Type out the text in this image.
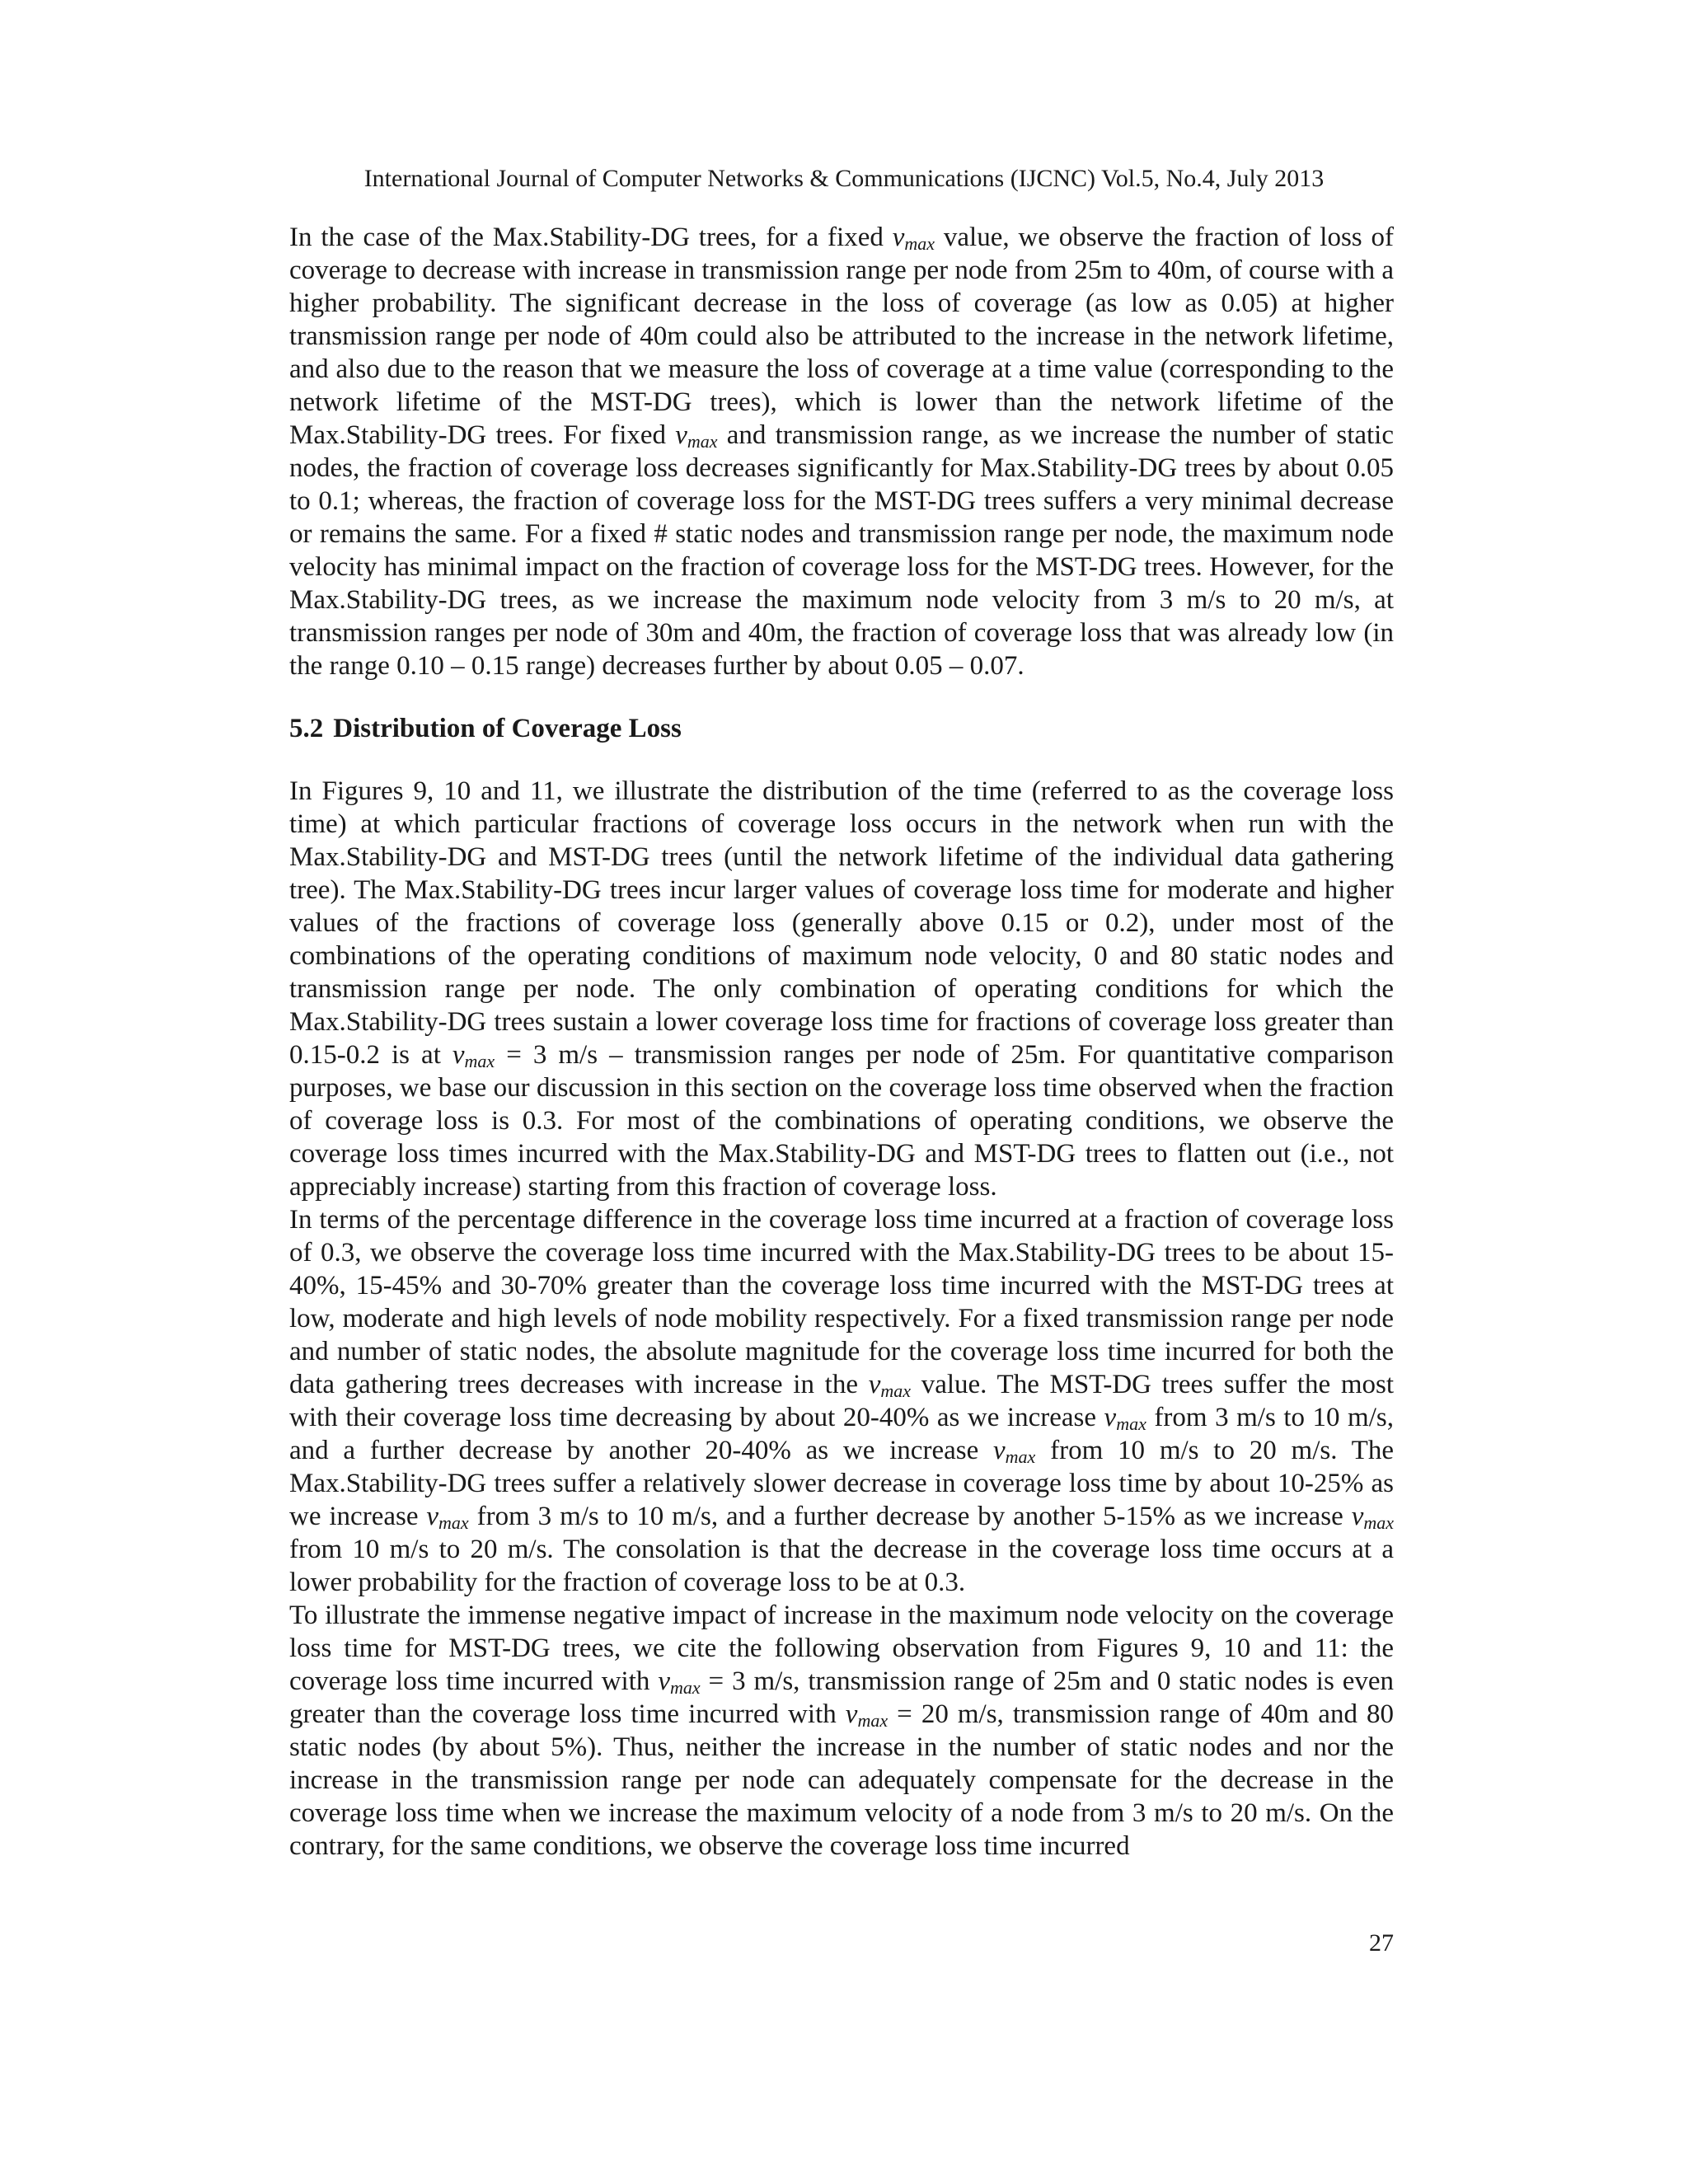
International Journal of Computer Networks & Communications (IJCNC) Vol.5, No.4, July 2013

In the case of the Max.Stability-DG trees, for a fixed $v_{max}$ value, we observe the fraction of loss of coverage to decrease with increase in transmission range per node from 25m to 40m, of course with a higher probability. The significant decrease in the loss of coverage (as low as 0.05) at higher transmission range per node of 40m could also be attributed to the increase in the network lifetime, and also due to the reason that we measure the loss of coverage at a time value (corresponding to the network lifetime of the MST-DG trees), which is lower than the network lifetime of the Max.Stability-DG trees. For fixed $v_{max}$ and transmission range, as we increase the number of static nodes, the fraction of coverage loss decreases significantly for Max.Stability-DG trees by about 0.05 to 0.1; whereas, the fraction of coverage loss for the MST-DG trees suffers a very minimal decrease or remains the same. For a fixed # static nodes and transmission range per node, the maximum node velocity has minimal impact on the fraction of coverage loss for the MST-DG trees. However, for the Max.Stability-DG trees, as we increase the maximum node velocity from 3 m/s to 20 m/s, at transmission ranges per node of 30m and 40m, the fraction of coverage loss that was already low (in the range 0.10 – 0.15 range) decreases further by about 0.05 – 0.07.

5.2 Distribution of Coverage Loss

In Figures 9, 10 and 11, we illustrate the distribution of the time (referred to as the coverage loss time) at which particular fractions of coverage loss occurs in the network when run with the Max.Stability-DG and MST-DG trees (until the network lifetime of the individual data gathering tree). The Max.Stability-DG trees incur larger values of coverage loss time for moderate and higher values of the fractions of coverage loss (generally above 0.15 or 0.2), under most of the combinations of the operating conditions of maximum node velocity, 0 and 80 static nodes and transmission range per node. The only combination of operating conditions for which the Max.Stability-DG trees sustain a lower coverage loss time for fractions of coverage loss greater than 0.15-0.2 is at $v_{max} = 3$ m/s – transmission ranges per node of 25m. For quantitative comparison purposes, we base our discussion in this section on the coverage loss time observed when the fraction of coverage loss is 0.3. For most of the combinations of operating conditions, we observe the coverage loss times incurred with the Max.Stability-DG and MST-DG trees to flatten out (i.e., not appreciably increase) starting from this fraction of coverage loss.

In terms of the percentage difference in the coverage loss time incurred at a fraction of coverage loss of 0.3, we observe the coverage loss time incurred with the Max.Stability-DG trees to be about 15-40%, 15-45% and 30-70% greater than the coverage loss time incurred with the MST-DG trees at low, moderate and high levels of node mobility respectively. For a fixed transmission range per node and number of static nodes, the absolute magnitude for the coverage loss time incurred for both the data gathering trees decreases with increase in the $v_{max}$ value. The MST-DG trees suffer the most with their coverage loss time decreasing by about 20-40% as we increase $v_{max}$ from 3 m/s to 10 m/s, and a further decrease by another 20-40% as we increase $v_{max}$ from 10 m/s to 20 m/s. The Max.Stability-DG trees suffer a relatively slower decrease in coverage loss time by about 10-25% as we increase $v_{max}$ from 3 m/s to 10 m/s, and a further decrease by another 5-15% as we increase $v_{max}$ from 10 m/s to 20 m/s. The consolation is that the decrease in the coverage loss time occurs at a lower probability for the fraction of coverage loss to be at 0.3.

To illustrate the immense negative impact of increase in the maximum node velocity on the coverage loss time for MST-DG trees, we cite the following observation from Figures 9, 10 and 11: the coverage loss time incurred with $v_{max} = 3$ m/s, transmission range of 25m and 0 static nodes is even greater than the coverage loss time incurred with $v_{max} = 20$ m/s, transmission range of 40m and 80 static nodes (by about 5%). Thus, neither the increase in the number of static nodes and nor the increase in the transmission range per node can adequately compensate for the decrease in the coverage loss time when we increase the maximum velocity of a node from 3 m/s to 20 m/s. On the contrary, for the same conditions, we observe the coverage loss time incurred

27
